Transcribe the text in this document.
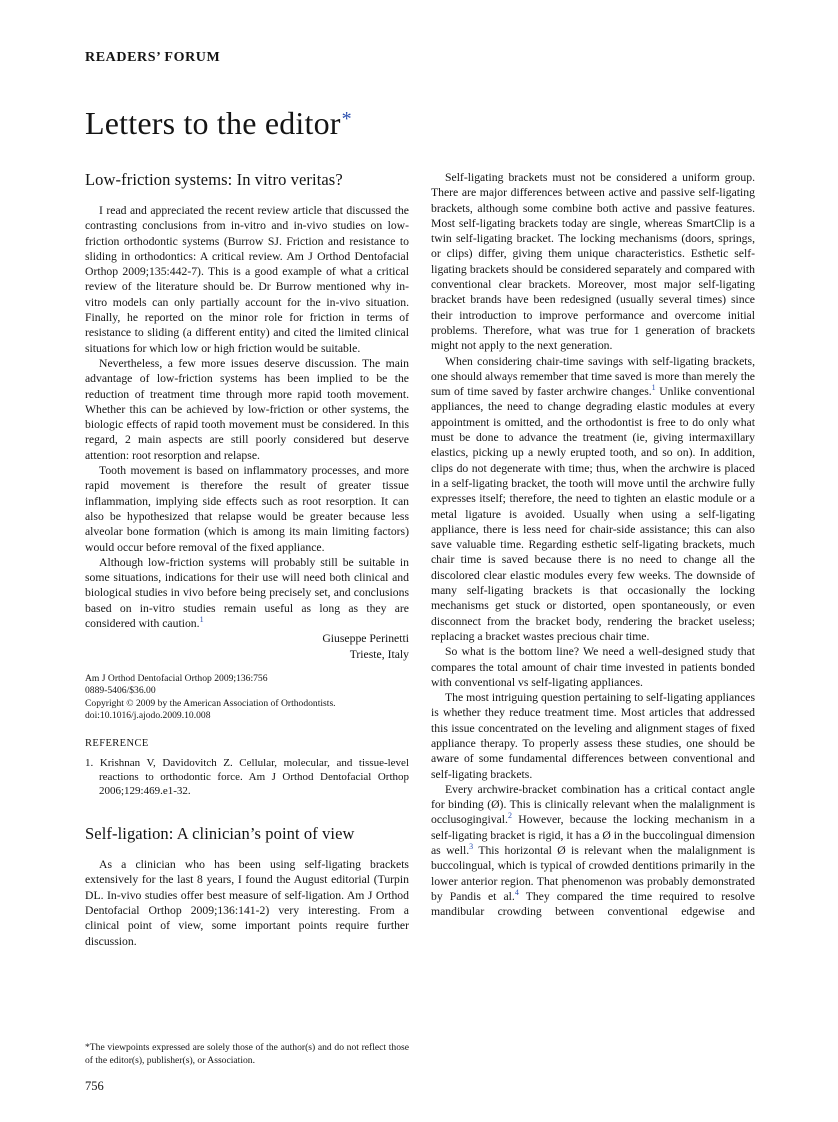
READERS’ FORUM
Letters to the editor*
Low-friction systems: In vitro veritas?

I read and appreciated the recent review article that discussed the contrasting conclusions from in-vitro and in-vivo studies on low-friction orthodontic systems (Burrow SJ. Friction and resistance to sliding in orthodontics: A critical review. Am J Orthod Dentofacial Orthop 2009;135:442-7). This is a good example of what a critical review of the literature should be. Dr Burrow mentioned why in-vitro models can only partially account for the in-vivo situation. Finally, he reported on the minor role for friction in terms of resistance to sliding (a different entity) and cited the limited clinical situations for which low or high friction would be suitable.

Nevertheless, a few more issues deserve discussion. The main advantage of low-friction systems has been implied to be the reduction of treatment time through more rapid tooth movement. Whether this can be achieved by low-friction or other systems, the biologic effects of rapid tooth movement must be considered. In this regard, 2 main aspects are still poorly considered but deserve attention: root resorption and relapse.

Tooth movement is based on inflammatory processes, and more rapid movement is therefore the result of greater tissue inflammation, implying side effects such as root resorption. It can also be hypothesized that relapse would be greater because less alveolar bone formation (which is among its main limiting factors) would occur before removal of the fixed appliance.

Although low-friction systems will probably still be suitable in some situations, indications for their use will need both clinical and biological studies in vivo before being precisely set, and conclusions based on in-vitro studies remain useful as long as they are considered with caution.$^1$

Giuseppe Perinetti
Trieste, Italy
Am J Orthod Dentofacial Orthop 2009;136:756
0889-5406/$36.00
Copyright © 2009 by the American Association of Orthodontists.
doi:10.1016/j.ajodo.2009.10.008
REFERENCE
1. Krishnan V, Davidovitch Z. Cellular, molecular, and tissue-level reactions to orthodontic force. Am J Orthod Dentofacial Orthop 2006;129:469.e1-32.
Self-ligation: A clinician’s point of view

As a clinician who has been using self-ligating brackets extensively for the last 8 years, I found the August editorial (Turpin DL. In-vivo studies offer best measure of self-ligation. Am J Orthod Dentofacial Orthop 2009;136:141-2) very interesting. From a clinical point of view, some important points require further discussion.

*The viewpoints expressed are solely those of the author(s) and do not reflect those of the editor(s), publisher(s), or Association.
756

Self-ligating brackets must not be considered a uniform group. There are major differences between active and passive self-ligating brackets, although some combine both active and passive features. Most self-ligating brackets today are single, whereas SmartClip is a twin self-ligating bracket. The locking mechanisms (doors, springs, or clips) differ, giving them unique characteristics. Esthetic self-ligating brackets should be considered separately and compared with conventional clear brackets. Moreover, most major self-ligating bracket brands have been redesigned (usually several times) since their introduction to improve performance and overcome initial problems. Therefore, what was true for 1 generation of brackets might not apply to the next generation.

When considering chair-time savings with self-ligating brackets, one should always remember that time saved is more than merely the sum of time saved by faster archwire changes.$^1$ Unlike conventional appliances, the need to change degrading elastic modules at every appointment is omitted, and the orthodontist is free to do only what must be done to advance the treatment (ie, giving intermaxillary elastics, picking up a newly erupted tooth, and so on). In addition, clips do not degenerate with time; thus, when the archwire is placed in a self-ligating bracket, the tooth will move until the archwire fully expresses itself; therefore, the need to tighten an elastic module or a metal ligature is avoided. Usually when using a self-ligating appliance, there is less need for chair-side assistance; this can also save valuable time. Regarding esthetic self-ligating brackets, much chair time is saved because there is no need to change all the discolored clear elastic modules every few weeks. The downside of many self-ligating brackets is that occasionally the locking mechanisms get stuck or distorted, open spontaneously, or even disconnect from the bracket body, rendering the bracket useless; replacing a bracket wastes precious chair time.

So what is the bottom line? We need a well-designed study that compares the total amount of chair time invested in patients bonded with conventional vs self-ligating appliances.

The most intriguing question pertaining to self-ligating appliances is whether they reduce treatment time. Most articles that addressed this issue concentrated on the leveling and alignment stages of fixed appliance therapy. To properly assess these studies, one should be aware of some fundamental differences between conventional and self-ligating brackets.

Every archwire-bracket combination has a critical contact angle for binding (Ø). This is clinically relevant when the malalignment is occlusogingival.$^2$ However, because the locking mechanism in a self-ligating bracket is rigid, it has a Ø in the buccolingual dimension as well.$^3$ This horizontal Ø is relevant when the malalignment is buccolingual, which is typical of crowded dentitions primarily in the lower anterior region. That phenomenon was probably demonstrated by Pandis et al.$^4$ They compared the time required to resolve mandibular crowding between conventional edgewise and
